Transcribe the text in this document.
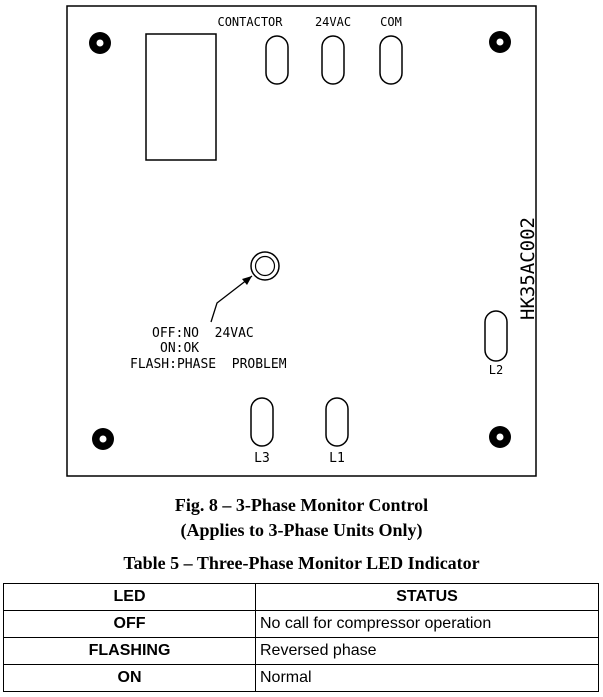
CONTACTOR	24VAC COM
OFF:NO  24VAC
ON:OK
FLASH:PHASE  PROBLEM
HK35AC002
L2
L3	L1
Fig. 8 – 3-Phase Monitor Control
(Applies to 3-Phase Units Only)
Table 5 – Three-Phase Monitor LED Indicator
LED	STATUS
OFF	No call for compressor operation
FLASHING	Reversed phase
ON	Normal
